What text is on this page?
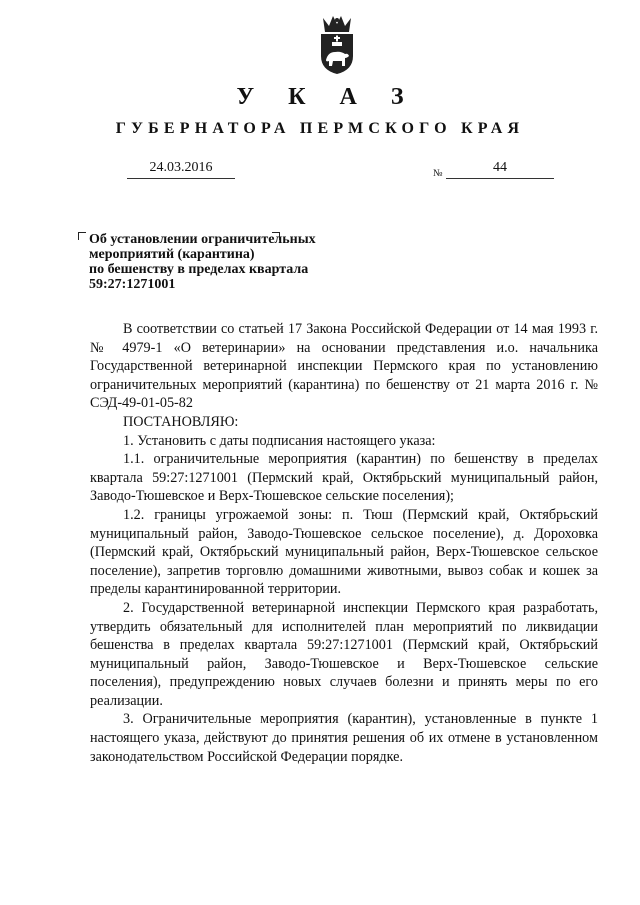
У К А З
ГУБЕРНАТОРА ПЕРМСКОГО КРАЯ
24.03.2016	№	44
Об установлении ограничительных
мероприятий (карантина)
по бешенству в пределах квартала
59:27:1271001

В соответствии со статьей 17 Закона Российской Федерации от 14 мая 1993 г. № 4979-1 «О ветеринарии» на основании представления и.о. начальника Государственной ветеринарной инспекции Пермского края по установлению ограничительных мероприятий (карантина) по бешенству от 21 марта 2016 г. № СЭД-49-01-05-82

ПОСТАНОВЛЯЮ:

1. Установить с даты подписания настоящего указа:

1.1. ограничительные мероприятия (карантин) по бешенству в пределах квартала 59:27:1271001 (Пермский край, Октябрьский муниципальный район, Заводо-Тюшевское и Верх-Тюшевское сельские поселения);

1.2. границы угрожаемой зоны: п. Тюш (Пермский край, Октябрьский муниципальный район, Заводо-Тюшевское сельское поселение), д. Дороховка (Пермский край, Октябрьский муниципальный район, Верх-Тюшевское сельское поселение), запретив торговлю домашними животными, вывоз собак и кошек за пределы карантинированной территории.

2. Государственной ветеринарной инспекции Пермского края разработать, утвердить обязательный для исполнителей план мероприятий по ликвидации бешенства в пределах квартала 59:27:1271001 (Пермский край, Октябрьский муниципальный район, Заводо-Тюшевское и Верх-Тюшевское сельские поселения), предупреждению новых случаев болезни и принять меры по его реализации.

3. Ограничительные мероприятия (карантин), установленные в пункте 1 настоящего указа, действуют до принятия решения об их отмене в установленном законодательством Российской Федерации порядке.
